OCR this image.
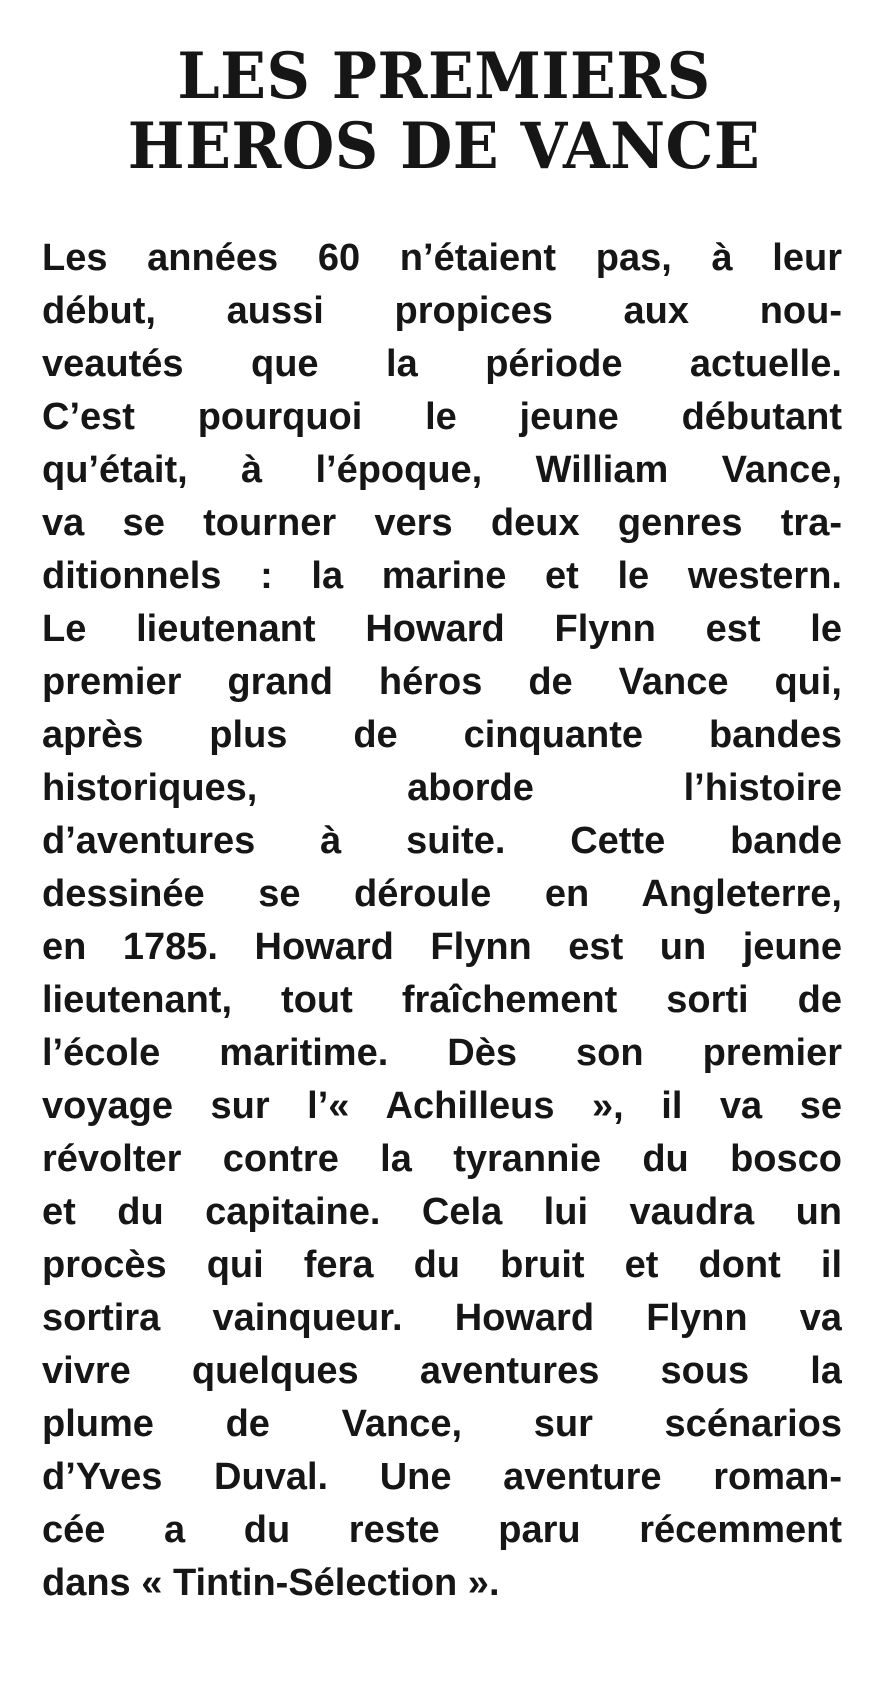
LES PREMIERS
HEROS DE VANCE
Les années 60 n’étaient pas, à leur
début, aussi propices aux nou-
veautés que la période actuelle.
C’est pourquoi le jeune débutant
qu’était, à l’époque, William Vance,
va se tourner vers deux genres tra-
ditionnels : la marine et le western.
Le lieutenant Howard Flynn est le
premier grand héros de Vance qui,
après plus de cinquante bandes
historiques, aborde l’histoire
d’aventures à suite. Cette bande
dessinée se déroule en Angleterre,
en 1785. Howard Flynn est un jeune
lieutenant, tout fraîchement sorti de
l’école maritime. Dès son premier
voyage sur l’« Achilleus », il va se
révolter contre la tyrannie du bosco
et du capitaine. Cela lui vaudra un
procès qui fera du bruit et dont il
sortira vainqueur. Howard Flynn va
vivre quelques aventures sous la
plume de Vance, sur scénarios
d’Yves Duval. Une aventure roman-
cée a du reste paru récemment
dans « Tintin-Sélection ».
